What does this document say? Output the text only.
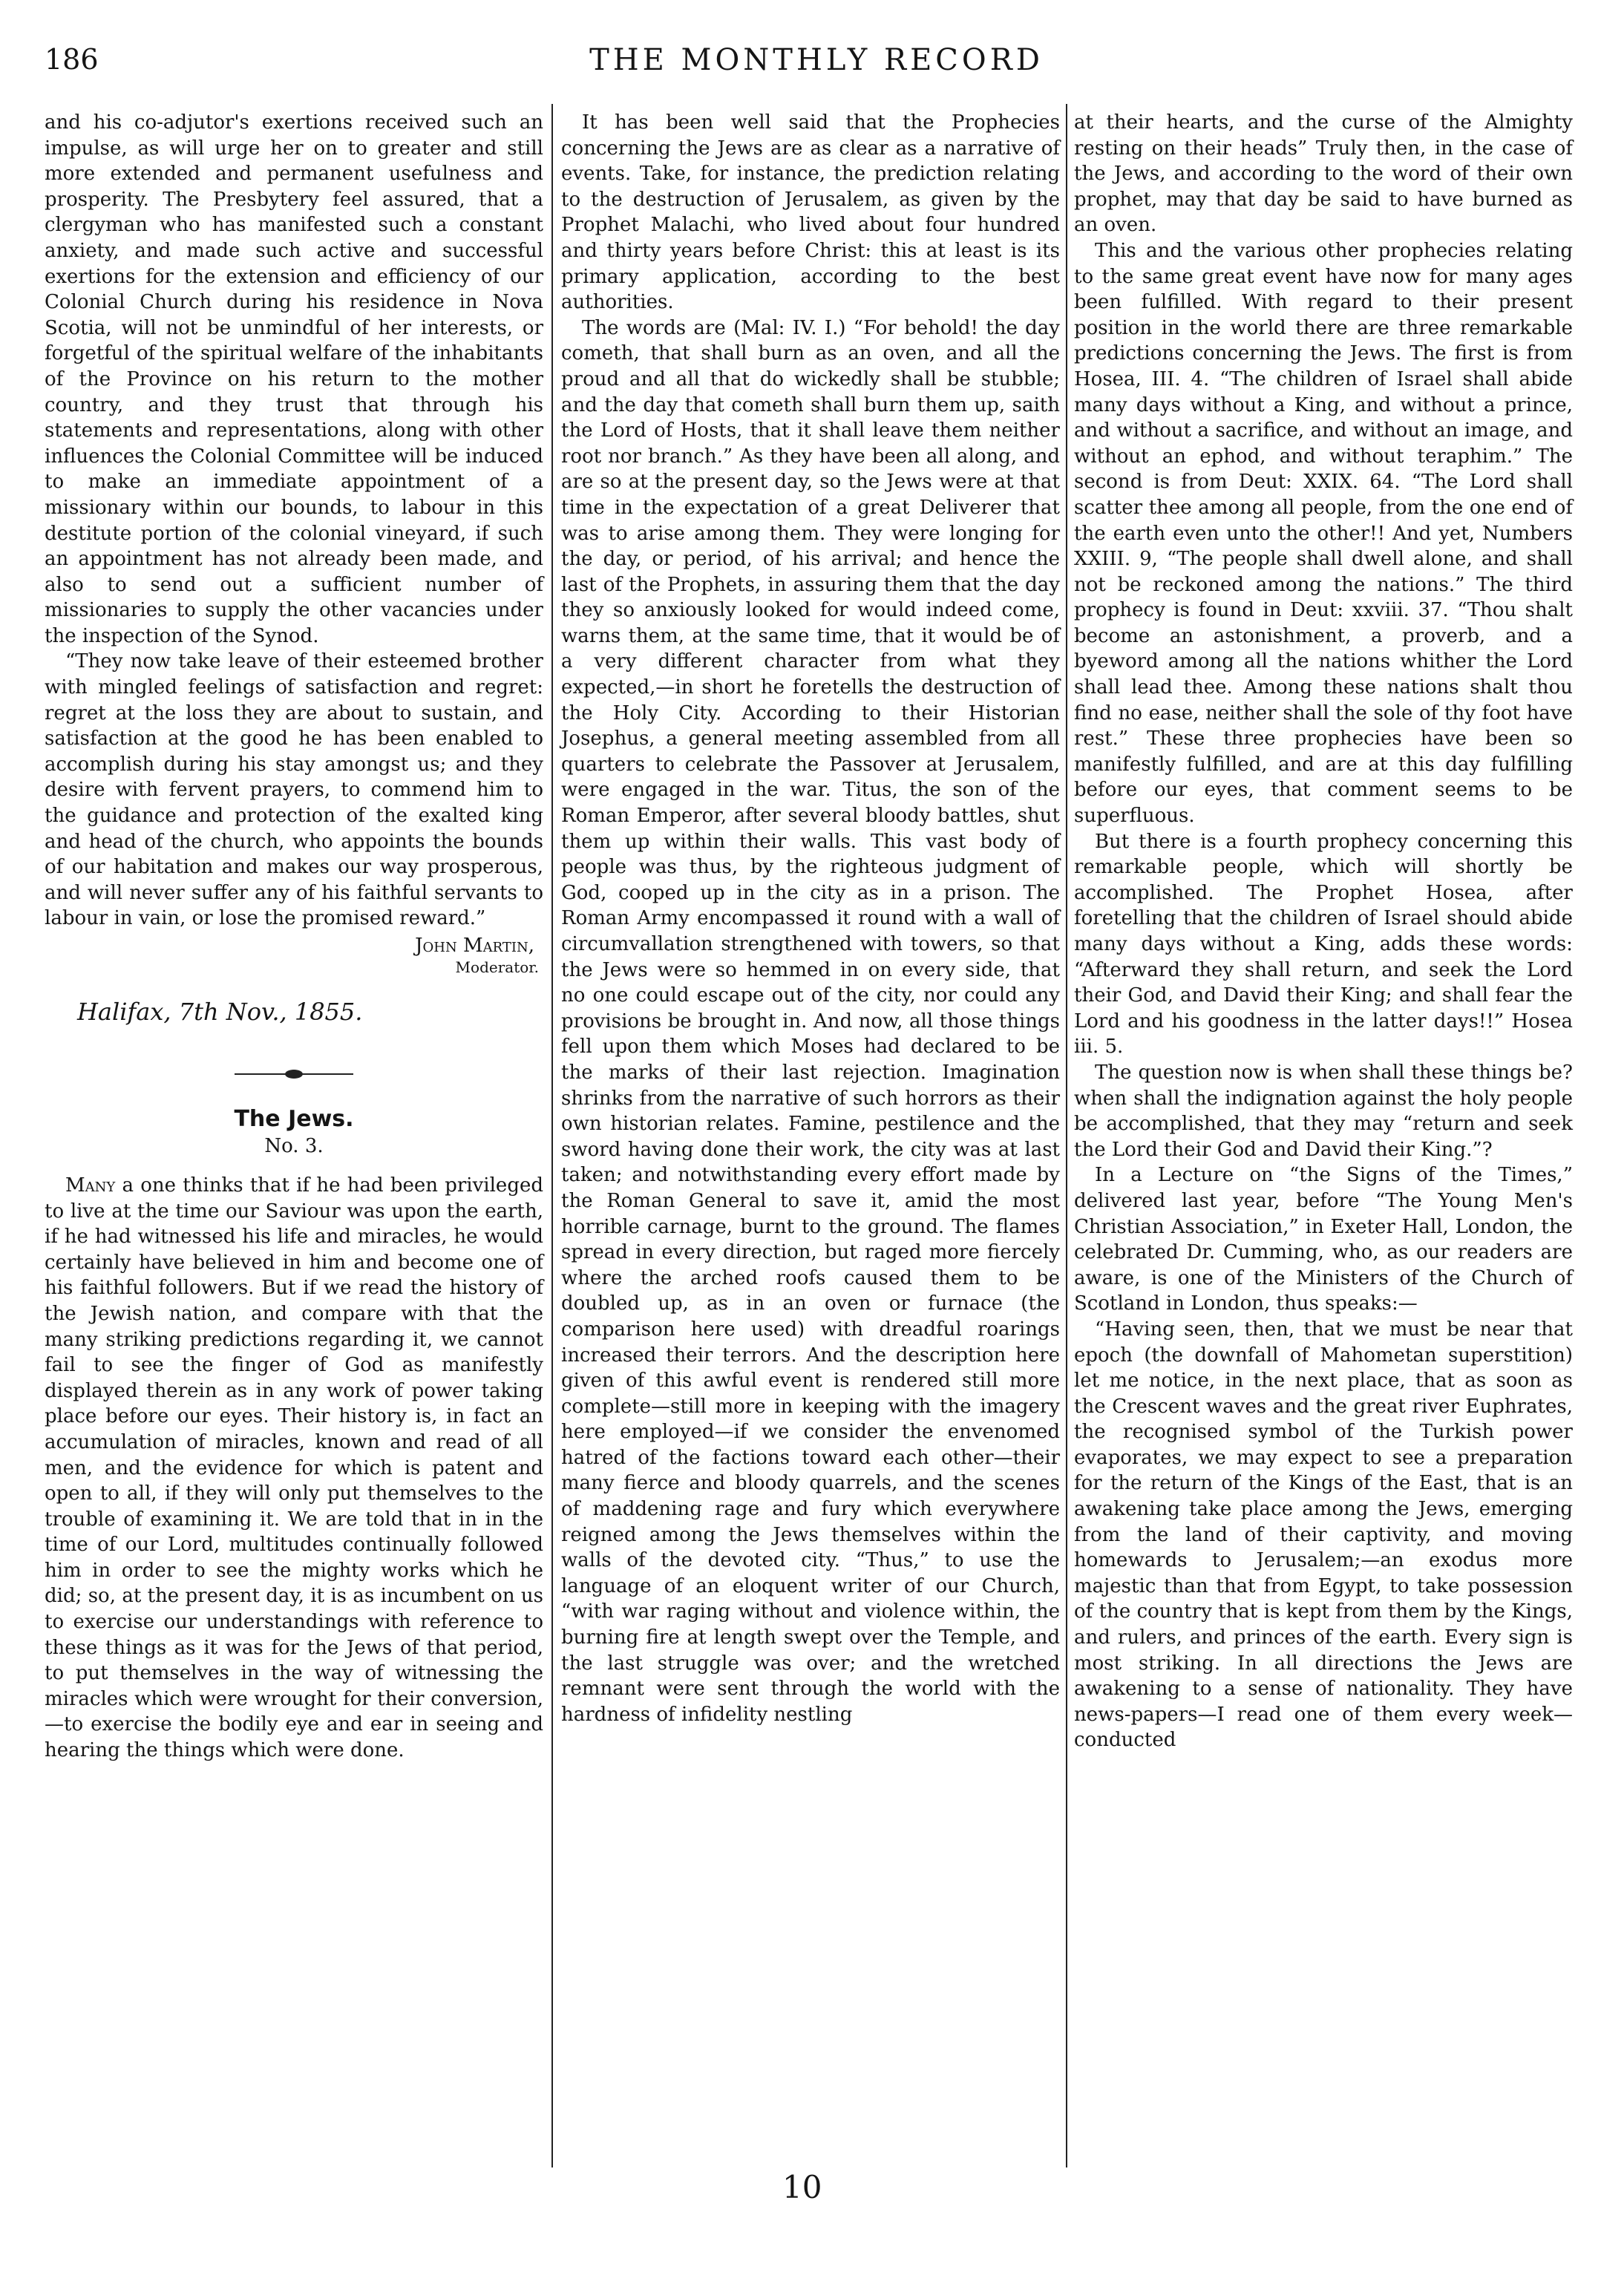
186	THE MONTHLY RECORD

and his co-adjutor's exertions received such an impulse, as will urge her on to greater and still more extended and permanent usefulness and prosperity. The Presbytery feel assured, that a clergyman who has manifested such a constant anxiety, and made such active and successful exertions for the extension and efficiency of our Colonial Church during his residence in Nova Scotia, will not be unmindful of her interests, or forgetful of the spiritual welfare of the inhabitants of the Province on his return to the mother country, and they trust that through his statements and representations, along with other influences the Colonial Committee will be induced to make an immediate appointment of a missionary within our bounds, to labour in this destitute portion of the colonial vineyard, if such an appointment has not already been made, and also to send out a sufficient number of missionaries to supply the other vacancies under the inspection of the Synod.

“They now take leave of their esteemed brother with mingled feelings of satisfaction and regret: regret at the loss they are about to sustain, and satisfaction at the good he has been enabled to accomplish during his stay amongst us; and they desire with fervent prayers, to commend him to the guidance and protection of the exalted king and head of the church, who appoints the bounds of our habitation and makes our way prosperous, and will never suffer any of his faithful servants to labour in vain, or lose the promised reward.”

John Martin,
Moderator.
Halifax, 7th Nov., 1855.
The Jews.
No. 3.

Many a one thinks that if he had been privileged to live at the time our Saviour was upon the earth, if he had witnessed his life and miracles, he would certainly have believed in him and become one of his faithful followers. But if we read the history of the Jewish nation, and compare with that the many striking predictions regarding it, we cannot fail to see the finger of God as manifestly displayed therein as in any work of power taking place before our eyes. Their history is, in fact an accumulation of miracles, known and read of all men, and the evidence for which is patent and open to all, if they will only put themselves to the trouble of examining it. We are told that in in the time of our Lord, multitudes continually followed him in order to see the mighty works which he did; so, at the present day, it is as incumbent on us to exercise our understandings with reference to these things as it was for the Jews of that period, to put themselves in the way of witnessing the miracles which were wrought for their conversion,—to exercise the bodily eye and ear in seeing and hearing the things which were done.

It has been well said that the Prophecies concerning the Jews are as clear as a narrative of events. Take, for instance, the prediction relating to the destruction of Jerusalem, as given by the Prophet Malachi, who lived about four hundred and thirty years before Christ: this at least is its primary application, according to the best authorities.

The words are (Mal: IV. I.) “For behold! the day cometh, that shall burn as an oven, and all the proud and all that do wickedly shall be stubble; and the day that cometh shall burn them up, saith the Lord of Hosts, that it shall leave them neither root nor branch.” As they have been all along, and are so at the present day, so the Jews were at that time in the expectation of a great Deliverer that was to arise among them. They were longing for the day, or period, of his arrival; and hence the last of the Prophets, in assuring them that the day they so anxiously looked for would indeed come, warns them, at the same time, that it would be of a very different character from what they expected,—in short he foretells the destruction of the Holy City. According to their Historian Josephus, a general meeting assembled from all quarters to celebrate the Passover at Jerusalem, were engaged in the war. Titus, the son of the Roman Emperor, after several bloody battles, shut them up within their walls. This vast body of people was thus, by the righteous judgment of God, cooped up in the city as in a prison. The Roman Army encompassed it round with a wall of circumvallation strengthened with towers, so that the Jews were so hemmed in on every side, that no one could escape out of the city, nor could any provisions be brought in. And now, all those things fell upon them which Moses had declared to be the marks of their last rejection. Imagination shrinks from the narrative of such horrors as their own historian relates. Famine, pestilence and the sword having done their work, the city was at last taken; and notwithstanding every effort made by the Roman General to save it, amid the most horrible carnage, burnt to the ground. The flames spread in every direction, but raged more fiercely where the arched roofs caused them to be doubled up, as in an oven or furnace (the comparison here used) with dreadful roarings increased their terrors. And the description here given of this awful event is rendered still more complete—still more in keeping with the imagery here employed—if we consider the envenomed hatred of the factions toward each other—their many fierce and bloody quarrels, and the scenes of maddening rage and fury which everywhere reigned among the Jews themselves within the walls of the devoted city. “Thus,” to use the language of an eloquent writer of our Church, “with war raging without and violence within, the burning fire at length swept over the Temple, and the last struggle was over; and the wretched remnant were sent through the world with the hardness of infidelity nestling

at their hearts, and the curse of the Almighty resting on their heads” Truly then, in the case of the Jews, and according to the word of their own prophet, may that day be said to have burned as an oven.

This and the various other prophecies relating to the same great event have now for many ages been fulfilled. With regard to their present position in the world there are three remarkable predictions concerning the Jews. The first is from Hosea, III. 4. “The children of Israel shall abide many days without a King, and without a prince, and without a sacrifice, and without an image, and without an ephod, and without teraphim.” The second is from Deut: XXIX. 64. “The Lord shall scatter thee among all people, from the one end of the earth even unto the other!! And yet, Numbers XXIII. 9, “The people shall dwell alone, and shall not be reckoned among the nations.” The third prophecy is found in Deut: xxviii. 37. “Thou shalt become an astonishment, a proverb, and a byeword among all the nations whither the Lord shall lead thee. Among these nations shalt thou find no ease, neither shall the sole of thy foot have rest.” These three prophecies have been so manifestly fulfilled, and are at this day fulfilling before our eyes, that comment seems to be superfluous.

But there is a fourth prophecy concerning this remarkable people, which will shortly be accomplished. The Prophet Hosea, after foretelling that the children of Israel should abide many days without a King, adds these words: “Afterward they shall return, and seek the Lord their God, and David their King; and shall fear the Lord and his goodness in the latter days!!” Hosea iii. 5.

The question now is when shall these things be? when shall the indignation against the holy people be accomplished, that they may “return and seek the Lord their God and David their King.”?

In a Lecture on “the Signs of the Times,” delivered last year, before “The Young Men's Christian Association,” in Exeter Hall, London, the celebrated Dr. Cumming, who, as our readers are aware, is one of the Ministers of the Church of Scotland in London, thus speaks:—

“Having seen, then, that we must be near that epoch (the downfall of Mahometan superstition) let me notice, in the next place, that as soon as the Crescent waves and the great river Euphrates, the recognised symbol of the Turkish power evaporates, we may expect to see a preparation for the return of the Kings of the East, that is an awakening take place among the Jews, emerging from the land of their captivity, and moving homewards to Jerusalem;—an exodus more majestic than that from Egypt, to take possession of the country that is kept from them by the Kings, and rulers, and princes of the earth. Every sign is most striking. In all directions the Jews are awakening to a sense of nationality. They have news-papers—I read one of them every week—conducted

10
